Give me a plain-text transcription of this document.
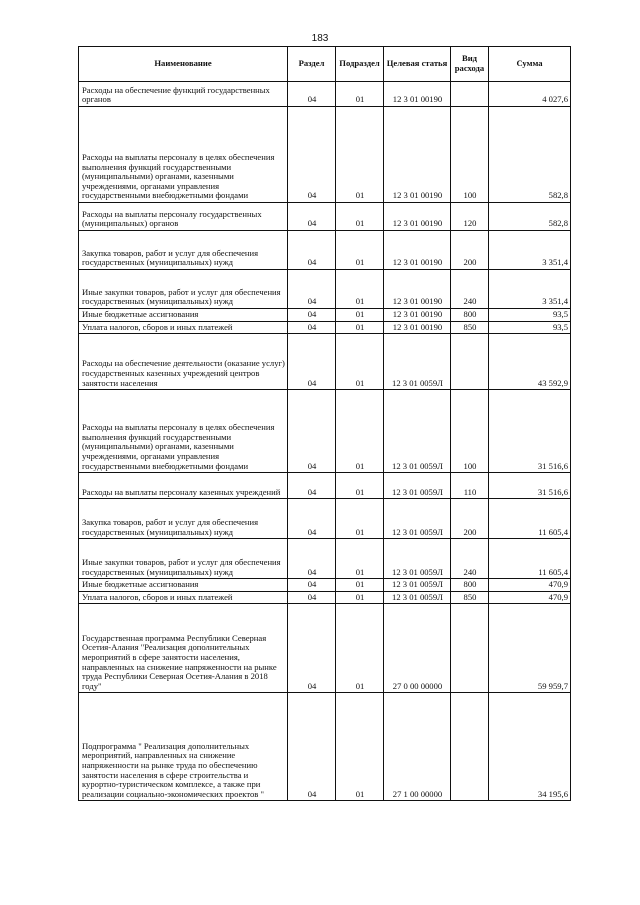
183
Наименование	Раздел	Подраздел	Целевая статья	Вид расхода	Сумма
Расходы на обеспечение функций государственных органов	04	01	12 3 01 00190		4 027,6
Расходы на выплаты персоналу в целях обеспечения выполнения функций государственными (муниципальными) органами, казенными учреждениями, органами управления государственными внебюджетными фондами	04	01	12 3 01 00190	100	582,8
Расходы на выплаты персоналу государственных (муниципальных) органов	04	01	12 3 01 00190	120	582,8
Закупка товаров, работ и услуг для обеспечения государственных (муниципальных) нужд	04	01	12 3 01 00190	200	3 351,4
Иные закупки товаров, работ и услуг для обеспечения государственных (муниципальных) нужд	04	01	12 3 01 00190	240	3 351,4
Иные бюджетные ассигнования	04	01	12 3 01 00190	800	93,5
Уплата налогов, сборов и иных платежей	04	01	12 3 01 00190	850	93,5
Расходы на обеспечение деятельности (оказание услуг) государственных казенных учреждений центров занятости населения	04	01	12 3 01 0059Л		43 592,9
Расходы на выплаты персоналу в целях обеспечения выполнения функций государственными (муниципальными) органами, казенными учреждениями, органами управления государственными внебюджетными фондами	04	01	12 3 01 0059Л	100	31 516,6
Расходы на выплаты персоналу казенных учреждений	04	01	12 3 01 0059Л	110	31 516,6
Закупка товаров, работ и услуг для обеспечения государственных (муниципальных) нужд	04	01	12 3 01 0059Л	200	11 605,4
Иные закупки товаров, работ и услуг для обеспечения государственных (муниципальных) нужд	04	01	12 3 01 0059Л	240	11 605,4
Иные бюджетные ассигнования	04	01	12 3 01 0059Л	800	470,9
Уплата налогов, сборов и иных платежей	04	01	12 3 01 0059Л	850	470,9
Государственная программа Республики Северная Осетия-Алания "Реализация дополнительных мероприятий в сфере занятости населения, направленных на снижение напряженности на рынке труда Республики Северная Осетия-Алания в 2018 году"	04	01	27 0 00 00000		59 959,7
Подпрограмма " Реализация дополнительных мероприятий, направленных на снижение напряженности на рынке труда по обеспечению занятости населения в сфере строительства и курортно-туристическом комплексе, а также при реализации социально-экономических проектов "	04	01	27 1 00 00000		34 195,6
